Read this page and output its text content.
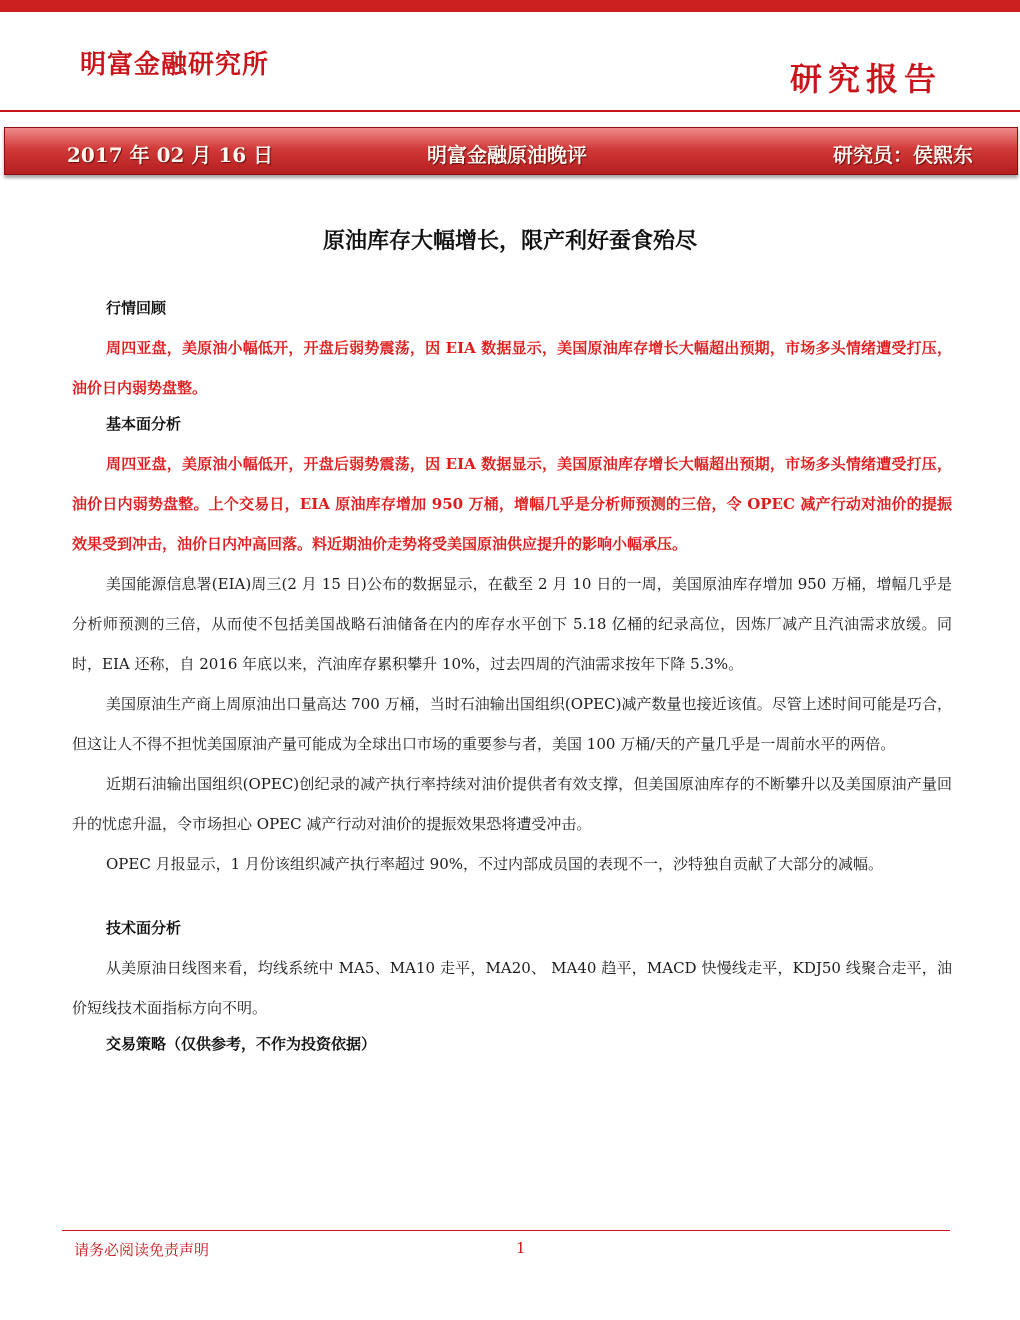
明富金融研究所	研究报告
2017 年 02 月 16 日	明富金融原油晚评	研究员：侯熙东
原油库存大幅增长，限产利好蚕食殆尽
行情回顾

周四亚盘，美原油小幅低开，开盘后弱势震荡，因 EIA 数据显示，美国原油库存增长大幅超出预期，市场多头情绪遭受打压，油价日内弱势盘整。

基本面分析

周四亚盘，美原油小幅低开，开盘后弱势震荡，因 EIA 数据显示，美国原油库存增长大幅超出预期，市场多头情绪遭受打压，油价日内弱势盘整。上个交易日，EIA 原油库存增加 950 万桶，增幅几乎是分析师预测的三倍，令 OPEC 减产行动对油价的提振效果受到冲击，油价日内冲高回落。料近期油价走势将受美国原油供应提升的影响小幅承压。

美国能源信息署(EIA)周三(2 月 15 日)公布的数据显示，在截至 2 月 10 日的一周，美国原油库存增加 950 万桶，增幅几乎是分析师预测的三倍，从而使不包括美国战略石油储备在内的库存水平创下 5.18 亿桶的纪录高位，因炼厂减产且汽油需求放缓。同时，EIA 还称，自 2016 年底以来，汽油库存累积攀升 10%，过去四周的汽油需求按年下降 5.3%。

美国原油生产商上周原油出口量高达 700 万桶，当时石油输出国组织(OPEC)减产数量也接近该值。尽管上述时间可能是巧合，但这让人不得不担忧美国原油产量可能成为全球出口市场的重要参与者，美国 100 万桶/天的产量几乎是一周前水平的两倍。

近期石油输出国组织(OPEC)创纪录的减产执行率持续对油价提供者有效支撑，但美国原油库存的不断攀升以及美国原油产量回升的忧虑升温，令市场担心 OPEC 减产行动对油价的提振效果恐将遭受冲击。

OPEC 月报显示，1 月份该组织减产执行率超过 90%，不过内部成员国的表现不一，沙特独自贡献了大部分的减幅。

技术面分析

从美原油日线图来看，均线系统中 MA5、MA10 走平，MA20、 MA40 趋平，MACD 快慢线走平，KDJ50 线聚合走平，油价短线技术面指标方向不明。

交易策略（仅供参考，不作为投资依据）
请务必阅读免责声明	1
